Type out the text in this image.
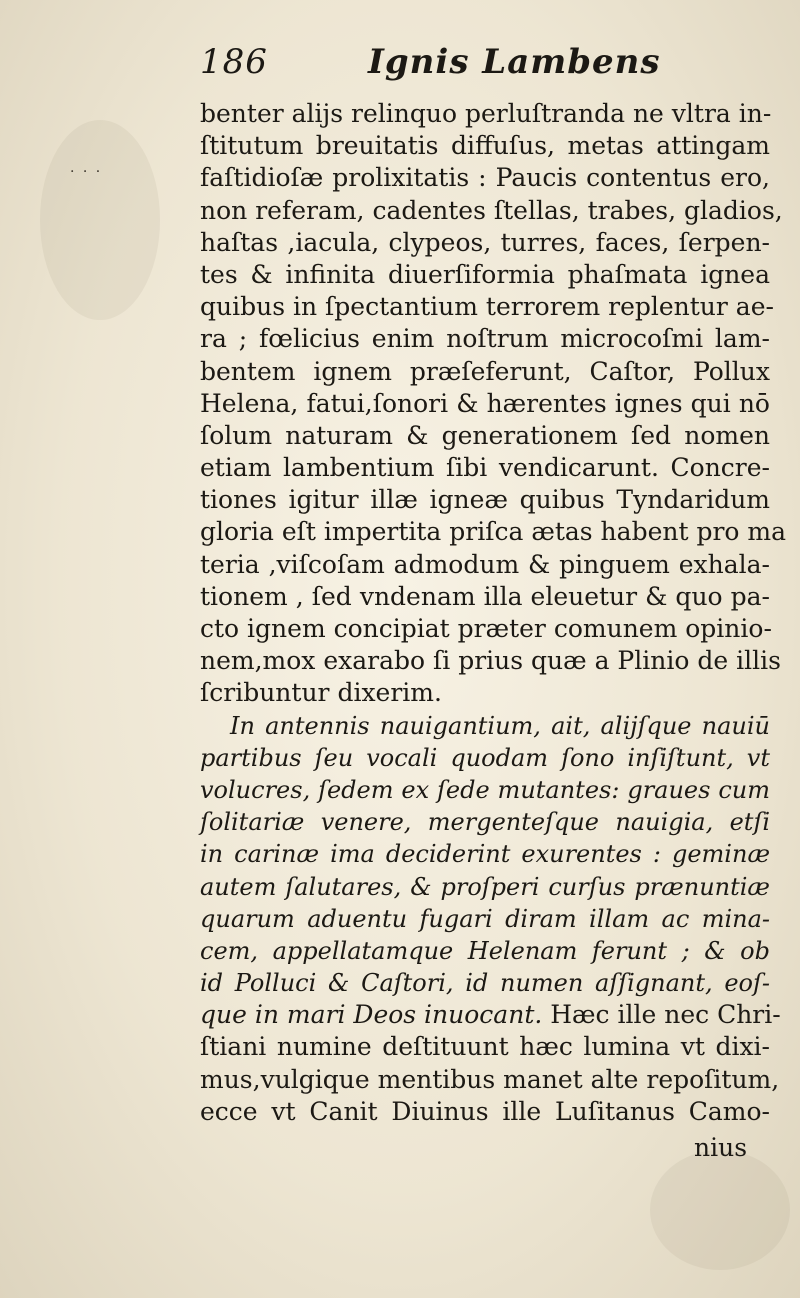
· · ·
186	Ignis Lambens
benter alijs relinquo perluſtranda ne vltra in-
ſtitutum breuitatis diffuſus, metas attingam
faſtidioſæ prolixitatis : Paucis contentus ero,
non referam, cadentes ſtellas, trabes, gladios,
haſtas ,iacula, clypeos, turres, faces, ſerpen-
tes & infinita diuerſiformia phaſmata ignea
quibus in ſpectantium terrorem replentur ae-
ra ; fœlicius enim noſtrum microcoſmi lam-
bentem ignem præſeferunt, Caſtor, Pollux
Helena, fatui,ſonori & hærentes ignes qui nō
ſolum naturam & generationem ſed nomen
etiam lambentium ſibi vendicarunt. Concre-
tiones igitur illæ igneæ quibus Tyndaridum
gloria eſt impertita priſca ætas habent pro ma
teria ,viſcoſam admodum & pinguem exhala-
tionem , ſed vndenam illa eleuetur & quo pa-
cto ignem concipiat præter comunem opinio-
nem,mox exarabo ſi prius quæ a Plinio de illis
ſcribuntur dixerim.
In antennis nauigantium, ait, alijſque nauiū
partibus ſeu vocali quodam ſono inſiſtunt, vt
volucres, ſedem ex ſede mutantes: graues cum
ſolitariæ venere, mergenteſque nauigia, etſi
in carinæ ima deciderint exurentes : geminæ
autem ſalutares, & proſperi curſus prænuntiæ
quarum aduentu fugari diram illam ac mina-
cem, appellatamque Helenam ferunt ; & ob
id Polluci & Caſtori, id numen aſſignant, eoſ-
que in mari Deos inuocant. Hæc ille nec Chri-
ſtiani numine deſtituunt hæc lumina vt dixi-
mus,vulgique mentibus manet alte repoſitum,
ecce vt Canit Diuinus ille Luſitanus Camo-
nius
